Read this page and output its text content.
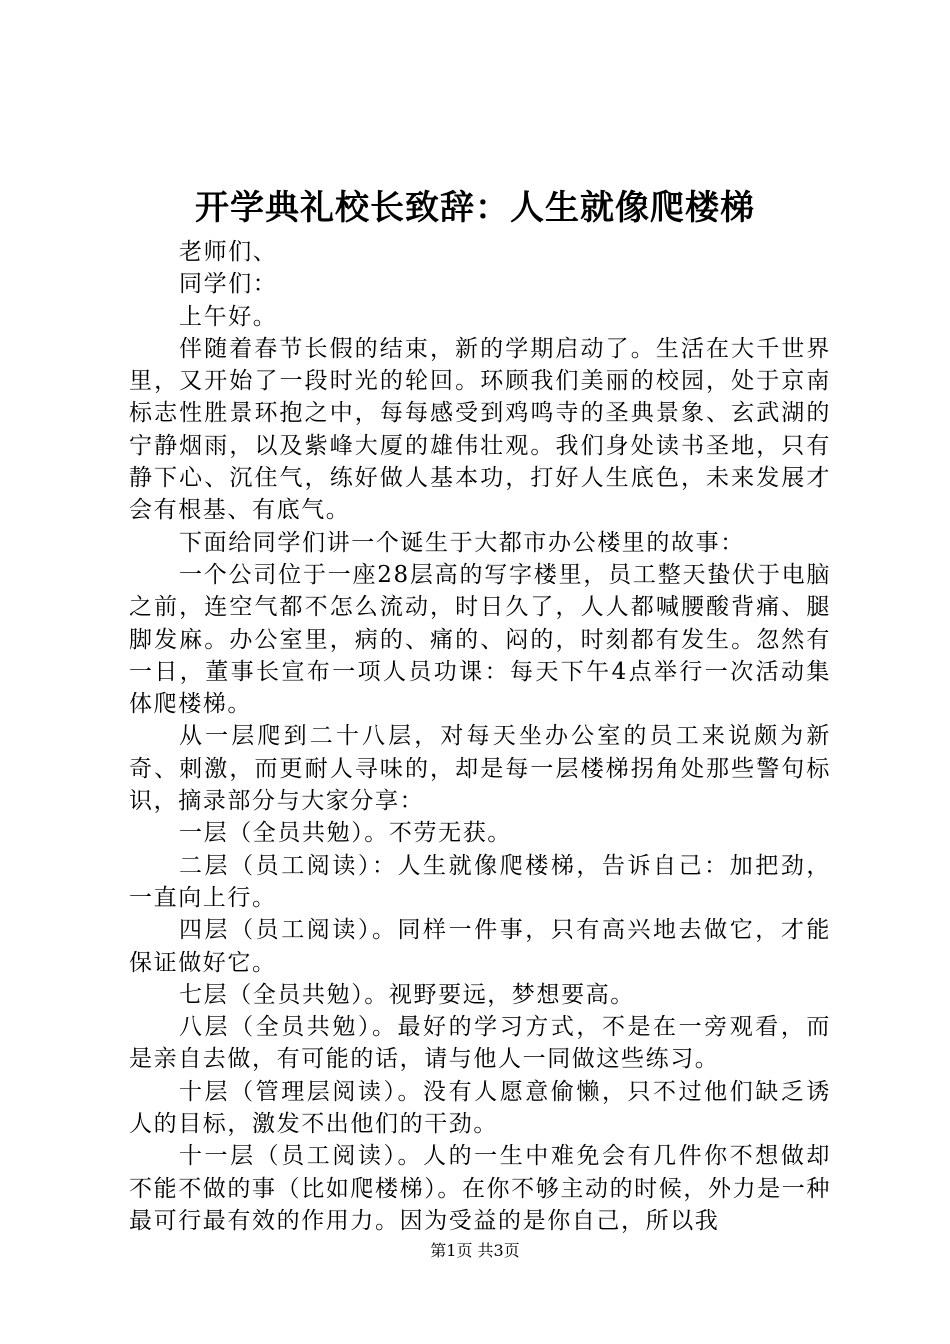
开学典礼校长致辞：人生就像爬楼梯

老师们、

同学们：

上午好。

伴随着春节长假的结束，新的学期启动了。生活在大千世界里，又开始了一段时光的轮回。环顾我们美丽的校园，处于京南标志性胜景环抱之中，每每感受到鸡鸣寺的圣典景象、玄武湖的宁静烟雨，以及紫峰大厦的雄伟壮观。我们身处读书圣地，只有静下心、沉住气，练好做人基本功，打好人生底色，未来发展才会有根基、有底气。

下面给同学们讲一个诞生于大都市办公楼里的故事：

一个公司位于一座28层高的写字楼里，员工整天蛰伏于电脑之前，连空气都不怎么流动，时日久了，人人都喊腰酸背痛、腿脚发麻。办公室里，病的、痛的、闷的，时刻都有发生。忽然有一日，董事长宣布一项人员功课：每天下午4点举行一次活动集体爬楼梯。

从一层爬到二十八层，对每天坐办公室的员工来说颇为新奇、刺激，而更耐人寻味的，却是每一层楼梯拐角处那些警句标识，摘录部分与大家分享：

一层（全员共勉）。不劳无获。

二层（员工阅读）：人生就像爬楼梯，告诉自己：加把劲，一直向上行。

四层（员工阅读）。同样一件事，只有高兴地去做它，才能保证做好它。

七层（全员共勉）。视野要远，梦想要高。

八层（全员共勉）。最好的学习方式，不是在一旁观看，而是亲自去做，有可能的话，请与他人一同做这些练习。

十层（管理层阅读）。没有人愿意偷懒，只不过他们缺乏诱人的目标，激发不出他们的干劲。

十一层（员工阅读）。人的一生中难免会有几件你不想做却不能不做的事（比如爬楼梯）。在你不够主动的时候，外力是一种最可行最有效的作用力。因为受益的是你自己，所以我

第1页 共3页
